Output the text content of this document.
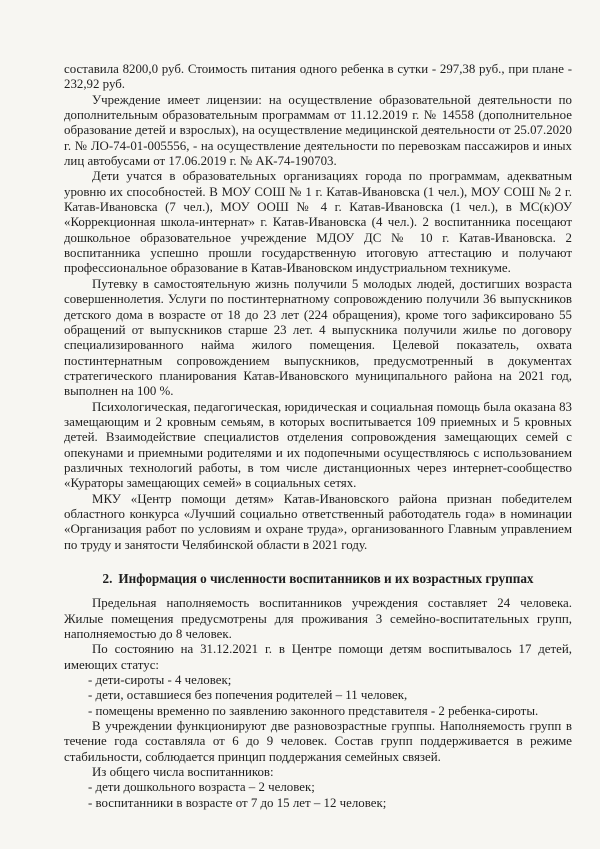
составила 8200,0 руб. Стоимость питания одного ребенка в сутки - 297,38 руб., при плане - 232,92 руб.

Учреждение имеет лицензии: на осуществление образовательной деятельности по дополнительным образовательным программам от 11.12.2019 г. № 14558 (дополнительное образование детей и взрослых), на осуществление медицинской деятельности от 25.07.2020 г. № ЛО-74-01-005556, - на осуществление деятельности по перевозкам пассажиров и иных лиц автобусами от 17.06.2019 г. № АК-74-190703.

Дети учатся в образовательных организациях города по программам, адекватным уровню их способностей. В МОУ СОШ № 1 г. Катав-Ивановска (1 чел.), МОУ СОШ № 2 г. Катав-Ивановска (7 чел.), МОУ ООШ № 4 г. Катав-Ивановска (1 чел.), в МС(к)ОУ «Коррекционная школа-интернат» г. Катав-Ивановска (4 чел.). 2 воспитанника посещают дошкольное образовательное учреждение МДОУ ДС № 10 г. Катав-Ивановска. 2 воспитанника успешно прошли государственную итоговую аттестацию и получают профессиональное образование в Катав-Ивановском индустриальном техникуме.

Путевку в самостоятельную жизнь получили 5 молодых людей, достигших возраста совершеннолетия. Услуги по постинтернатному сопровождению получили 36 выпускников детского дома в возрасте от 18 до 23 лет (224 обращения), кроме того зафиксировано 55 обращений от выпускников старше 23 лет. 4 выпускника получили жилье по договору специализированного найма жилого помещения. Целевой показатель, охвата постинтернатным сопровождением выпускников, предусмотренный в документах стратегического планирования Катав-Ивановского муниципального района на 2021 год, выполнен на 100 %.

Психологическая, педагогическая, юридическая и социальная помощь была оказана 83 замещающим и 2 кровным семьям, в которых воспитывается 109 приемных и 5 кровных детей. Взаимодействие специалистов отделения сопровождения замещающих семей с опекунами и приемными родителями и их подопечными осуществляюсь с использованием различных технологий работы, в том числе дистанционных через интернет-сообщество «Кураторы замещающих семей» в социальных сетях.

МКУ «Центр помощи детям» Катав-Ивановского района признан победителем областного конкурса «Лучший социально ответственный работодатель года» в номинации «Организация работ по условиям и охране труда», организованного Главным управлением по труду и занятости Челябинской области в 2021 году.

2. Информация о численности воспитанников и их возрастных группах

Предельная наполняемость воспитанников учреждения составляет 24 человека. Жилые помещения предусмотрены для проживания 3 семейно-воспитательных групп, наполняемостью до 8 человек.

По состоянию на 31.12.2021 г. в Центре помощи детям воспитывалось 17 детей, имеющих статус:

- дети-сироты - 4 человек;

- дети, оставшиеся без попечения родителей – 11 человек,

- помещены временно по заявлению законного представителя - 2 ребенка-сироты.

В учреждении функционируют две разновозрастные группы. Наполняемость групп в течение года составляла от 6 до 9 человек. Состав групп поддерживается в режиме стабильности, соблюдается принцип поддержания семейных связей.

Из общего числа воспитанников:

- дети дошкольного возраста – 2 человек;

- воспитанники в возрасте от 7 до 15 лет – 12 человек;
